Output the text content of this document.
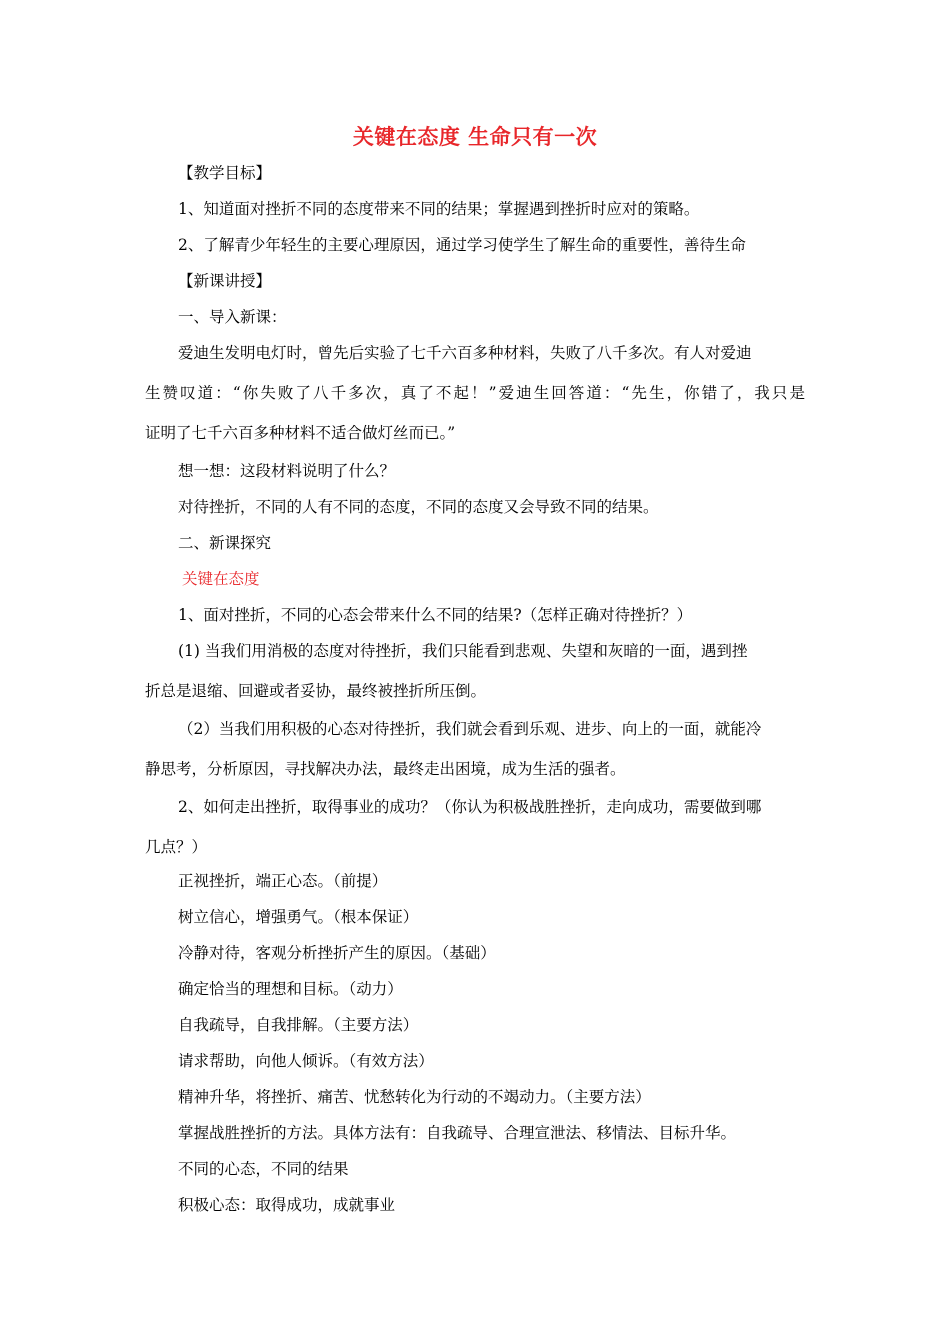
关键在态度 生命只有一次
【教学目标】
1、知道面对挫折不同的态度带来不同的结果；掌握遇到挫折时应对的策略。
2、了解青少年轻生的主要心理原因，通过学习使学生了解生命的重要性，善待生命
【新课讲授】
一、导入新课：
爱迪生发明电灯时，曾先后实验了七千六百多种材料，失败了八千多次。有人对爱迪
生赞叹道：“你失败了八千多次，真了不起！”爱迪生回答道：“先生，你错了，我只是
证明了七千六百多种材料不适合做灯丝而已。”
想一想：这段材料说明了什么？
对待挫折，不同的人有不同的态度，不同的态度又会导致不同的结果。
二、新课探究
关键在态度
1、面对挫折，不同的心态会带来什么不同的结果?（怎样正确对待挫折？）
(1) 当我们用消极的态度对待挫折，我们只能看到悲观、失望和灰暗的一面，遇到挫
折总是退缩、回避或者妥协，最终被挫折所压倒。
（2）当我们用积极的心态对待挫折，我们就会看到乐观、进步、向上的一面，就能冷
静思考，分析原因，寻找解决办法，最终走出困境，成为生活的强者。
2、如何走出挫折，取得事业的成功？（你认为积极战胜挫折，走向成功，需要做到哪
几点？）
正视挫折，端正心态。（前提）
树立信心，增强勇气。（根本保证）
冷静对待，客观分析挫折产生的原因。（基础）
确定恰当的理想和目标。（动力）
自我疏导，自我排解。（主要方法）
请求帮助，向他人倾诉。（有效方法）
精神升华，将挫折、痛苦、忧愁转化为行动的不竭动力。（主要方法）
掌握战胜挫折的方法。具体方法有：自我疏导、合理宣泄法、移情法、目标升华。
不同的心态，不同的结果
积极心态：取得成功，成就事业
